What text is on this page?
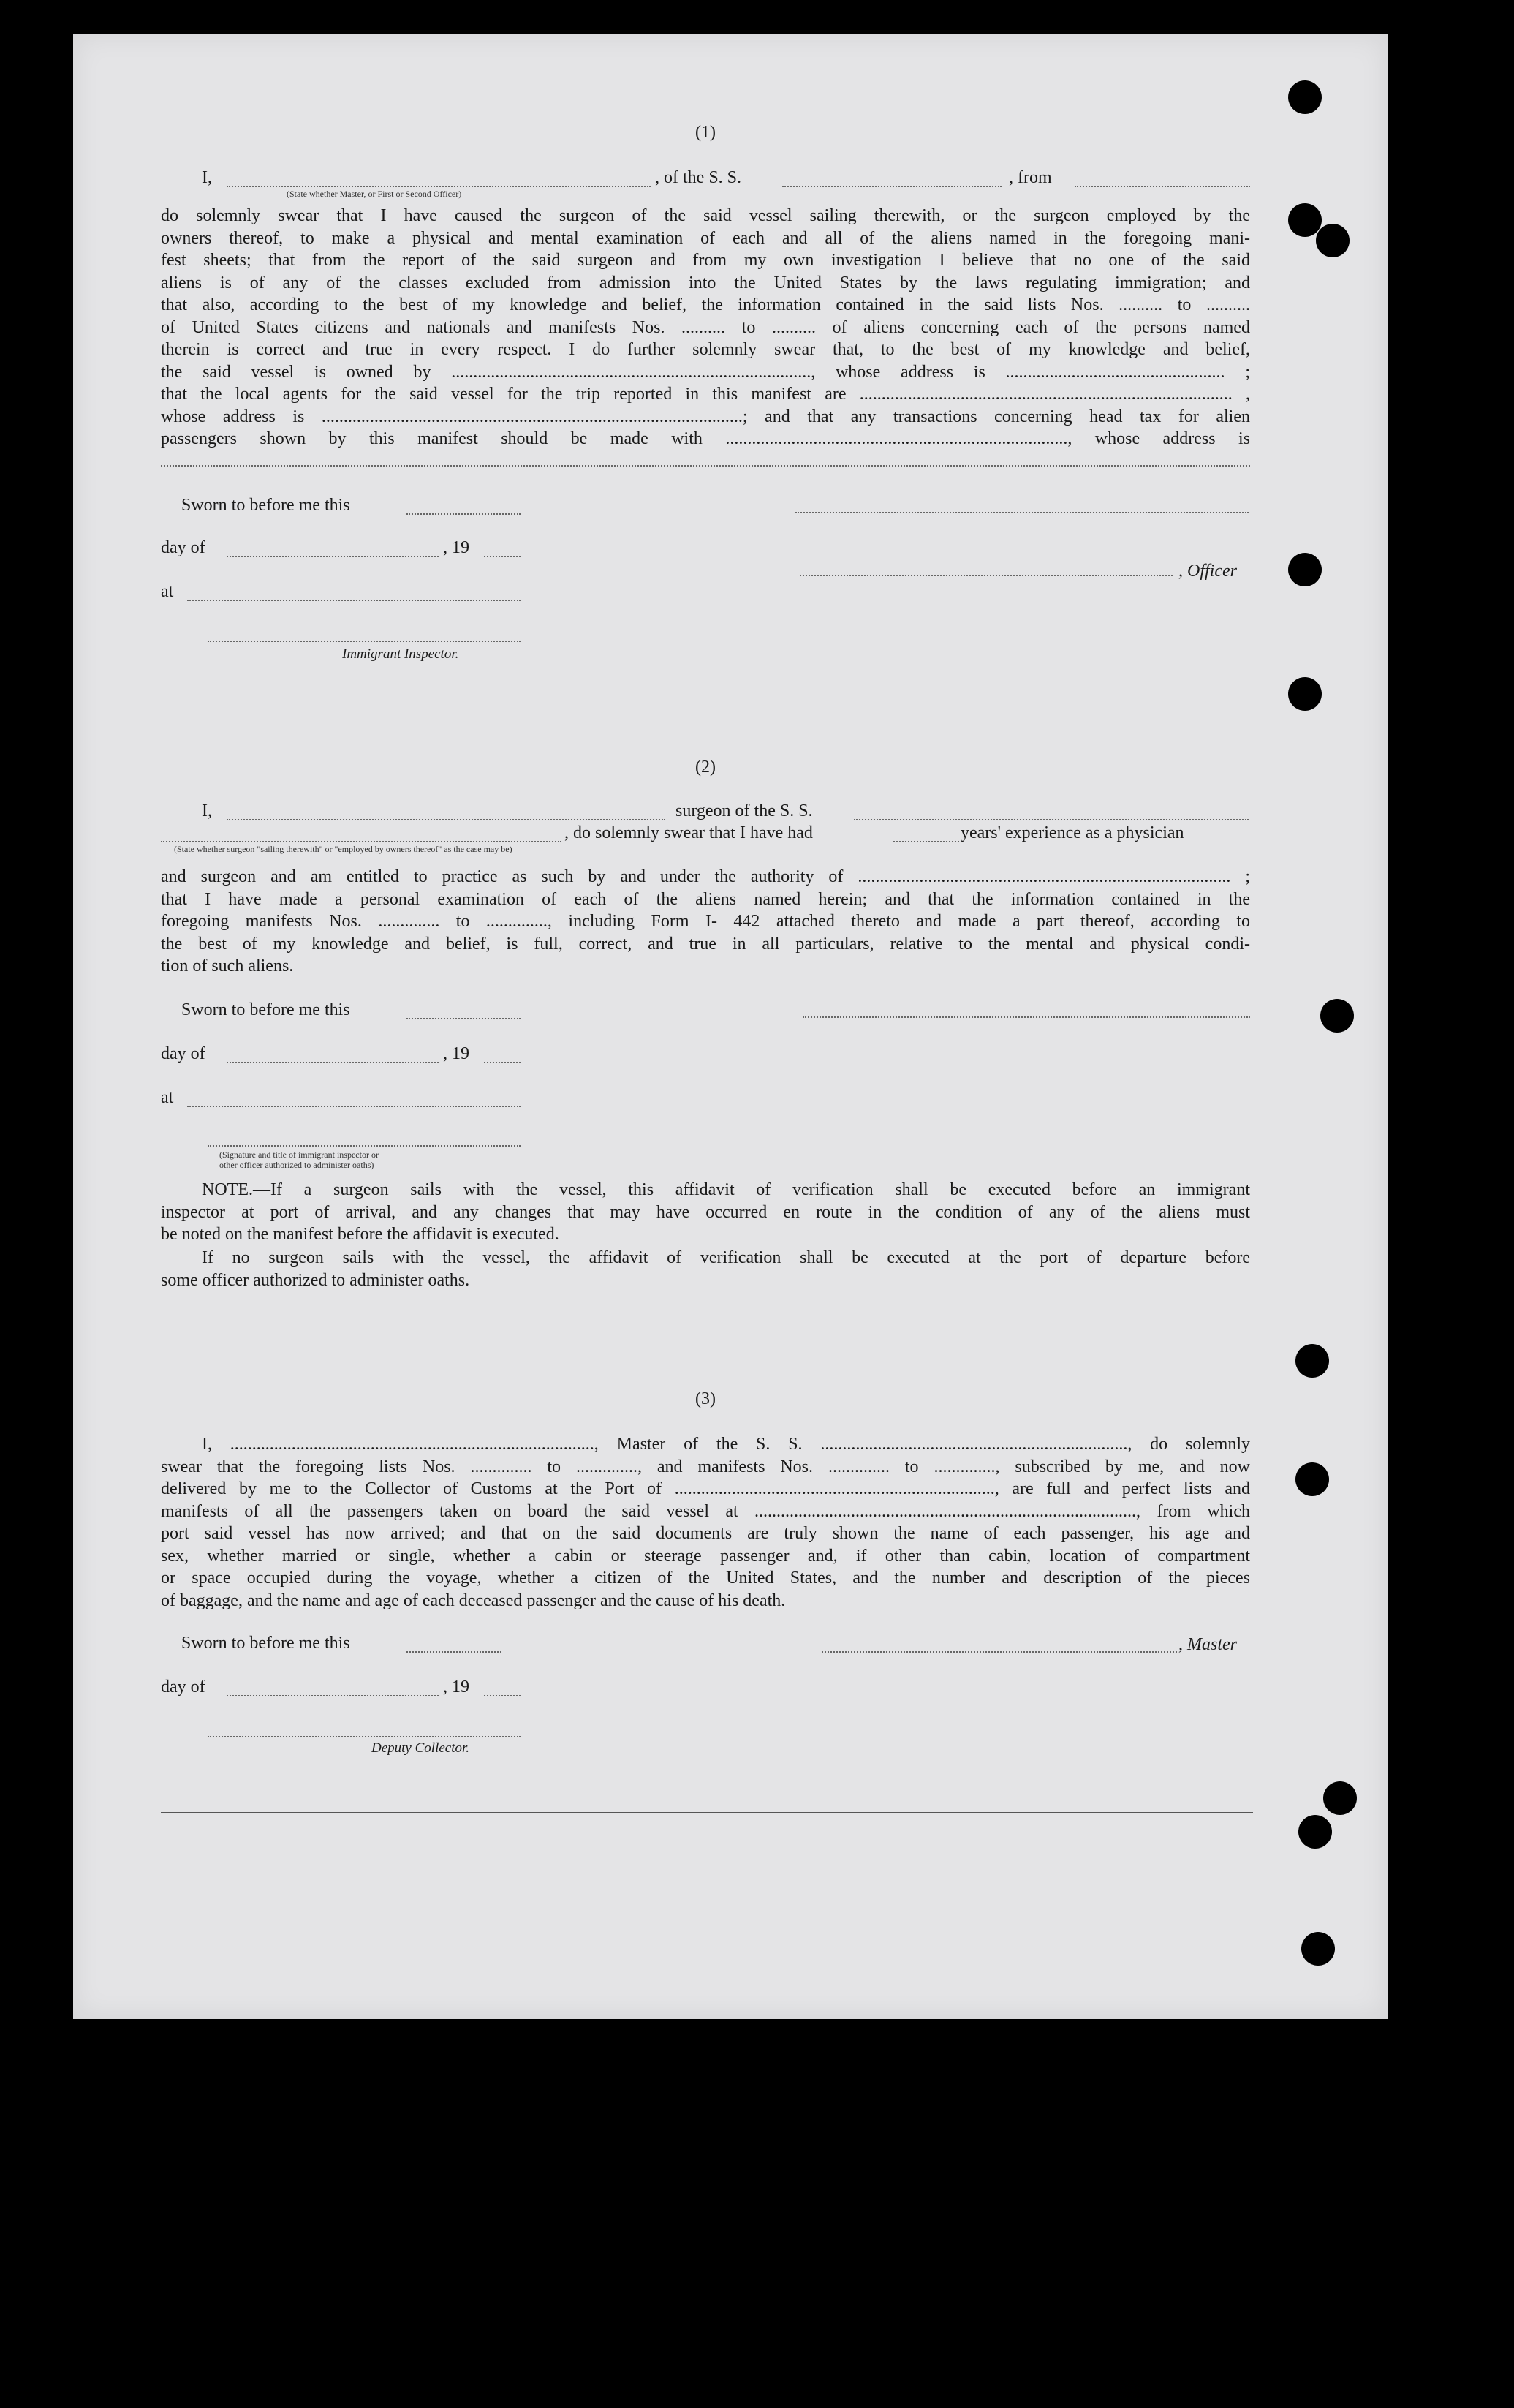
(1)
I,	, of the S. S.	, from
(State whether Master, or First or Second Officer)
do solemnly swear that I have caused the surgeon of the said vessel sailing therewith, or the surgeon employed by the
owners thereof, to make a physical and mental examination of each and all of the aliens named in the foregoing mani-
fest sheets; that from the report of the said surgeon and from my own investigation I believe that no one of the said
aliens is of any of the classes excluded from admission into the United States by the laws regulating immigration; and
that also, according to the best of my knowledge and belief, the information contained in the said lists Nos. .......... to ..........
of United States citizens and nationals and manifests Nos. .......... to .......... of aliens concerning each of the persons named
therein is correct and true in every respect. I do further solemnly swear that, to the best of my knowledge and belief,
the said vessel is owned by .................................................................................., whose address is .................................................. ;
that the local agents for the said vessel for the trip reported in this manifest are ..................................................................................... ,
whose address is ................................................................................................; and that any transactions concerning head tax for alien
passengers shown by this manifest should be made with .............................................................................., whose address is
Sworn to before me this
day of	, 19
, Officer
at
Immigrant Inspector.
(2)
I,	surgeon of the S. S.
, do solemnly swear that I have had	years' experience as a physician
(State whether surgeon "sailing therewith" or "employed by owners thereof" as the case may be)
and surgeon and am entitled to practice as such by and under the authority of ..................................................................................... ;
that I have made a personal examination of each of the aliens named herein; and that the information contained in the
foregoing manifests Nos. .............. to .............., including Form I- 442 attached thereto and made a part thereof, according to
the best of my knowledge and belief, is full, correct, and true in all particulars, relative to the mental and physical condi-
tion of such aliens.
Sworn to before me this
day of	, 19
at
(Signature and title of immigrant inspector or
other officer authorized to administer oaths)
NOTE.—If a surgeon sails with the vessel, this affidavit of verification shall be executed before an immigrant
inspector at port of arrival, and any changes that may have occurred en route in the condition of any of the aliens must
be noted on the manifest before the affidavit is executed.
If no surgeon sails with the vessel, the affidavit of verification shall be executed at the port of departure before
some officer authorized to administer oaths.
(3)
I, ..................................................................................., Master of the S. S. ......................................................................, do solemnly
swear that the foregoing lists Nos. .............. to .............., and manifests Nos. .............. to .............., subscribed by me, and now
delivered by me to the Collector of Customs at the Port of ........................................................................., are full and perfect lists and
manifests of all the passengers taken on board the said vessel at ......................................................................................., from which
port said vessel has now arrived; and that on the said documents are truly shown the name of each passenger, his age and
sex, whether married or single, whether a cabin or steerage passenger and, if other than cabin, location of compartment
or space occupied during the voyage, whether a citizen of the United States, and the number and description of the pieces
of baggage, and the name and age of each deceased passenger and the cause of his death.
Sworn to before me this	, Master
day of	, 19
Deputy Collector.
